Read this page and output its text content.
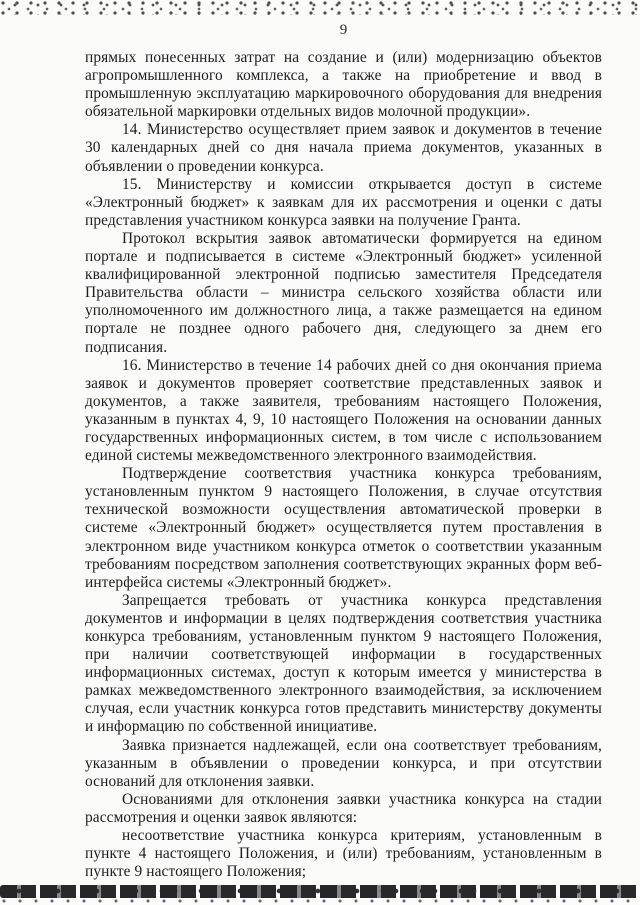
9

прямых понесенных затрат на создание и (или) модернизацию объектов агропромышленного комплекса, а также на приобретение и ввод в промышленную эксплуатацию маркировочного оборудования для внедрения обязательной маркировки отдельных видов молочной продукции».

14. Министерство осуществляет прием заявок и документов в течение 30 календарных дней со дня начала приема документов, указанных в объявлении о проведении конкурса.

15. Министерству и комиссии открывается доступ в системе «Электронный бюджет» к заявкам для их рассмотрения и оценки с даты представления участником конкурса заявки на получение Гранта.

Протокол вскрытия заявок автоматически формируется на едином портале и подписывается в системе «Электронный бюджет» усиленной квалифицированной электронной подписью заместителя Председателя Правительства области – министра сельского хозяйства области или уполномоченного им должностного лица, а также размещается на едином портале не позднее одного рабочего дня, следующего за днем его подписания.

16. Министерство в течение 14 рабочих дней со дня окончания приема заявок и документов проверяет соответствие представленных заявок и документов, а также заявителя, требованиям настоящего Положения, указанным в пунктах 4, 9, 10 настоящего Положения на основании данных государственных информационных систем, в том числе с использованием единой системы межведомственного электронного взаимодействия.

Подтверждение соответствия участника конкурса требованиям, установленным пунктом 9 настоящего Положения, в случае отсутствия технической возможности осуществления автоматической проверки в системе «Электронный бюджет» осуществляется путем проставления в электронном виде участником конкурса отметок о соответствии указанным требованиям посредством заполнения соответствующих экранных форм веб-интерфейса системы «Электронный бюджет».

Запрещается требовать от участника конкурса представления документов и информации в целях подтверждения соответствия участника конкурса требованиям, установленным пунктом 9 настоящего Положения, при наличии соответствующей информации в государственных информационных системах, доступ к которым имеется у министерства в рамках межведомственного электронного взаимодействия, за исключением случая, если участник конкурса готов представить министерству документы и информацию по собственной инициативе.

Заявка признается надлежащей, если она соответствует требованиям, указанным в объявлении о проведении конкурса, и при отсутствии оснований для отклонения заявки.

Основаниями для отклонения заявки участника конкурса на стадии рассмотрения и оценки заявок являются:

несоответствие участника конкурса критериям, установленным в пункте 4 настоящего Положения, и (или) требованиям, установленным в пункте 9 настоящего Положения;
